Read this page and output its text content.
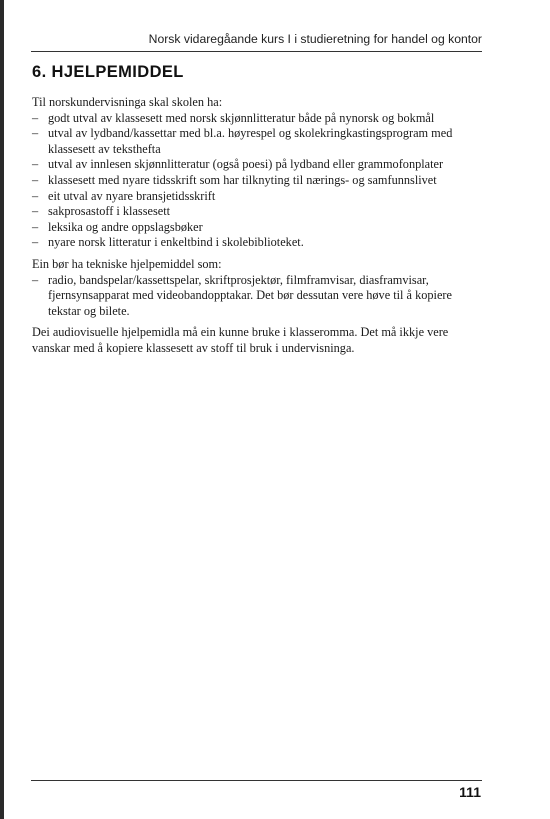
Norsk vidaregåande kurs I i studieretning for handel og kontor
6. HJELPEMIDDEL

Til norskundervisninga skal skolen ha:

– godt utval av klassesett med norsk skjønnlitteratur både på nynorsk og bokmål
– utval av lydband/kassettar med bl.a. høyrespel og skolekringkastingsprogram med klassesett av teksthefta
– utval av innlesen skjønnlitteratur (også poesi) på lydband eller grammofonplater
– klassesett med nyare tidsskrift som har tilknyting til nærings- og samfunnslivet
– eit utval av nyare bransjetidsskrift
– sakprosastoff i klassesett
– leksika og andre oppslagsbøker
– nyare norsk litteratur i enkeltbind i skolebiblioteket.

Ein bør ha tekniske hjelpemiddel som:

– radio, bandspelar/kassettspelar, skriftprosjektør, filmframvisar, diasframvisar, fjernsynsapparat med videobandopptakar. Det bør dessutan vere høve til å kopiere tekstar og bilete.

Dei audiovisuelle hjelpemidla må ein kunne bruke i klasseromma. Det må ikkje vere vanskar med å kopiere klassesett av stoff til bruk i undervisninga.

111
